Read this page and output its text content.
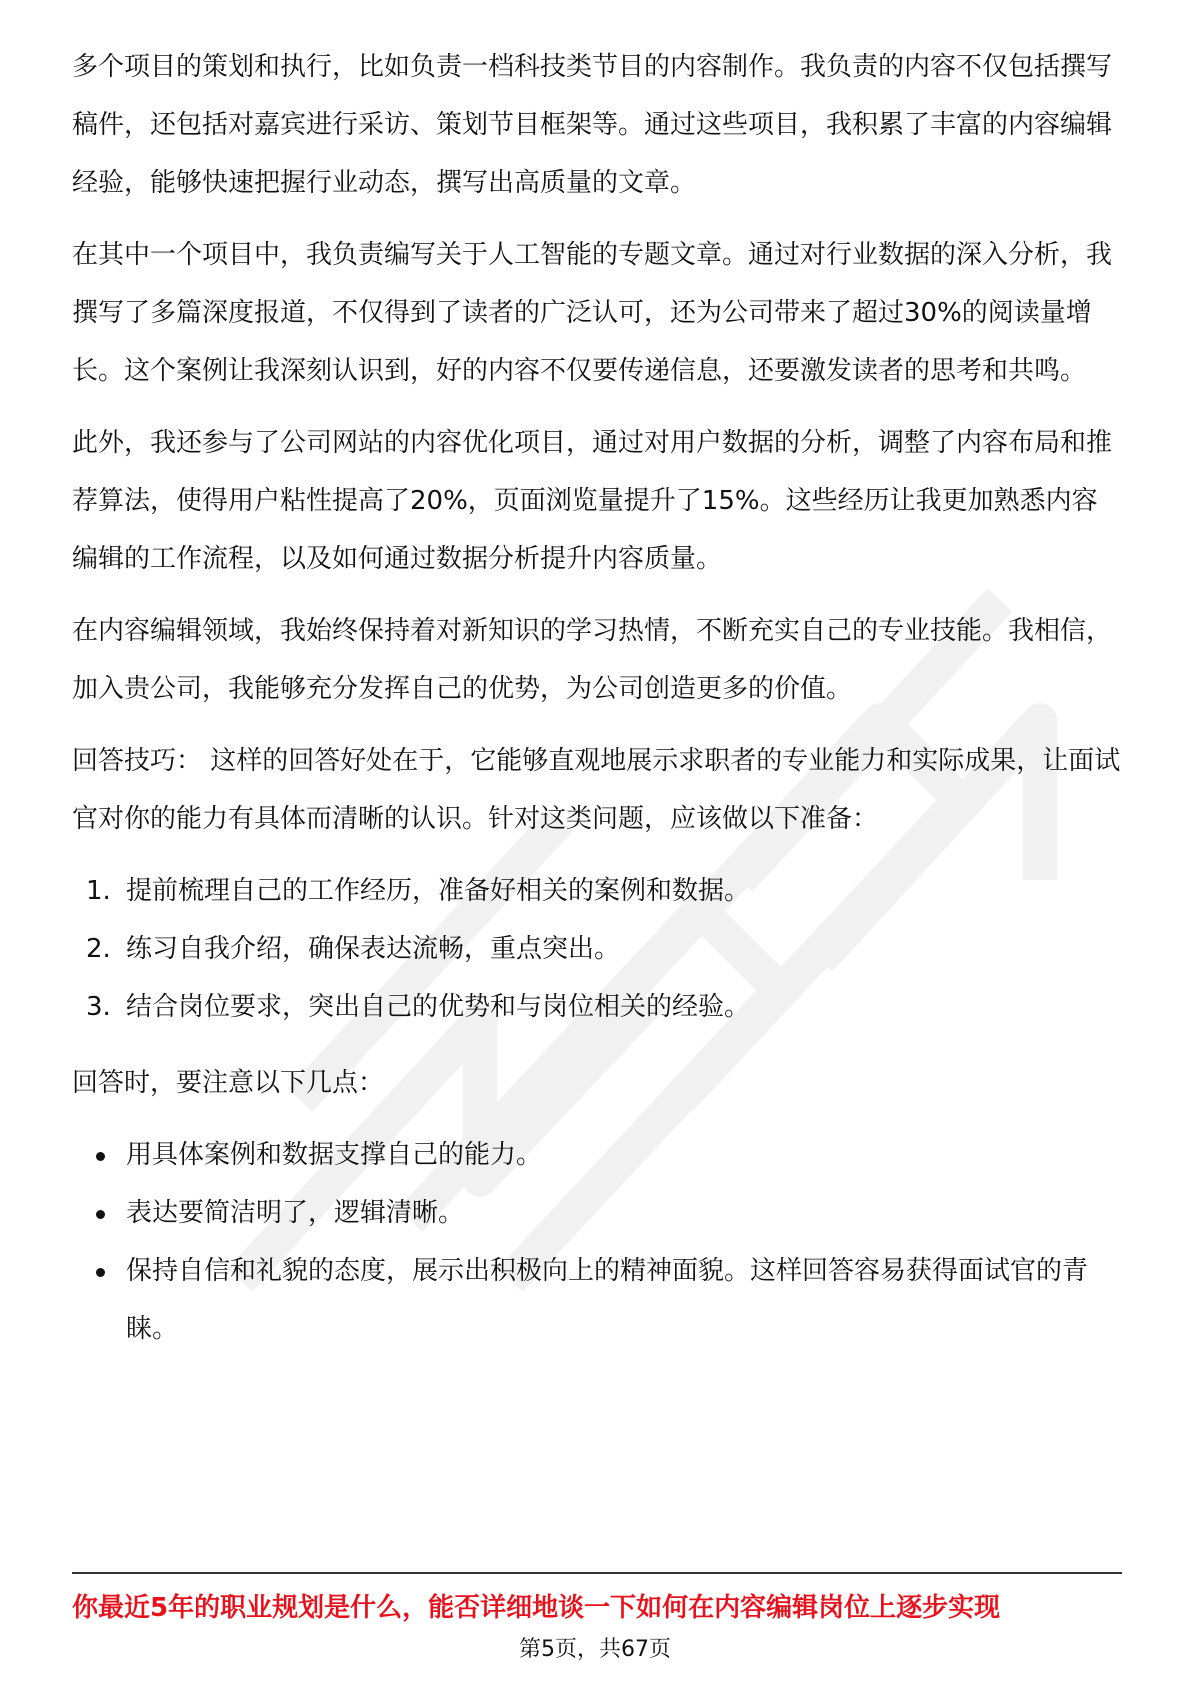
多个项目的策划和执行，比如负责一档科技类节目的内容制作。我负责的内容不仅包括撰写稿件，还包括对嘉宾进行采访、策划节目框架等。通过这些项目，我积累了丰富的内容编辑经验，能够快速把握行业动态，撰写出高质量的文章。

在其中一个项目中，我负责编写关于人工智能的专题文章。通过对行业数据的深入分析，我撰写了多篇深度报道，不仅得到了读者的广泛认可，还为公司带来了超过30%的阅读量增长。这个案例让我深刻认识到，好的内容不仅要传递信息，还要激发读者的思考和共鸣。

此外，我还参与了公司网站的内容优化项目，通过对用户数据的分析，调整了内容布局和推荐算法，使得用户粘性提高了20%，页面浏览量提升了15%。这些经历让我更加熟悉内容编辑的工作流程，以及如何通过数据分析提升内容质量。

在内容编辑领域，我始终保持着对新知识的学习热情，不断充实自己的专业技能。我相信，加入贵公司，我能够充分发挥自己的优势，为公司创造更多的价值。

回答技巧： 这样的回答好处在于，它能够直观地展示求职者的专业能力和实际成果，让面试官对你的能力有具体而清晰的认识。针对这类问题，应该做以下准备：

1. 提前梳理自己的工作经历，准备好相关的案例和数据。
2. 练习自我介绍，确保表达流畅，重点突出。
3. 结合岗位要求，突出自己的优势和与岗位相关的经验。

回答时，要注意以下几点：

用具体案例和数据支撑自己的能力。
表达要简洁明了，逻辑清晰。
保持自信和礼貌的态度，展示出积极向上的精神面貌。这样回答容易获得面试官的青睐。
你最近5年的职业规划是什么，能否详细地谈一下如何在内容编辑岗位上逐步实现
第5页，共67页
